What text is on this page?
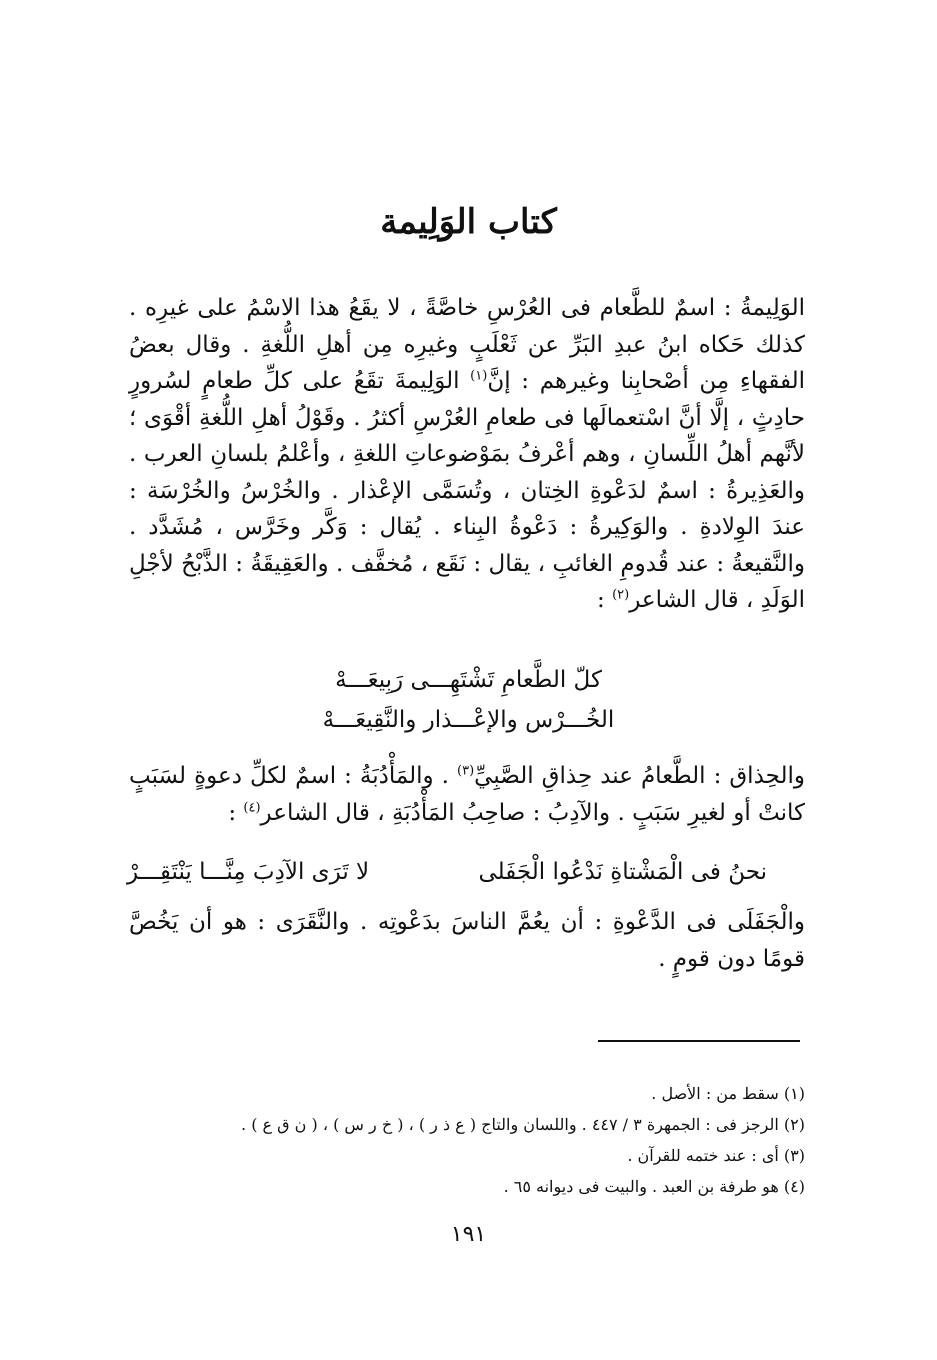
كتاب الوَلِيمة
الوَلِيمةُ : اسمٌ للطَّعام فى العُرْسِ خاصَّةً ، لا يقَعُ هذا الاسْمُ على غيرِه . كذلك حَكاه ابنُ عبدِ البَرِّ عن ثَعْلَبٍ وغيرِه مِن أهلِ اللُّغةِ . وقال بعضُ الفقهاءِ مِن أصْحابِنا وغيرهم : إنَّ$^{(١)}$ الوَلِيمةَ تقَعُ على كلِّ طعامٍ لسُرورٍ حادِثٍ ، إلَّا أنَّ اسْتعمالَها فى طعامِ العُرْسِ أكثرُ . وقَوْلُ أهلِ اللُّغةِ أقْوَى ؛ لأنَّهم أهلُ اللِّسانِ ، وهم أعْرفُ بمَوْضوعاتِ اللغةِ ، وأعْلمُ بلسانِ العرب . والعَذِيرةُ : اسمٌ لدَعْوةِ الخِتان ، وتُسَمَّى الإعْذار . والخُرْسُ والخُرْسَة : عندَ الوِلادةِ . والوَكِيرةُ : دَعْوةُ البِناء . يُقال : وَكَّر وخَرَّس ، مُشَدَّد . والنَّقيعةُ : عند قُدومِ الغائبِ ، يقال : نَقَع ، مُخفَّف . والعَقِيقَةُ : الذَّبْحُ لأجْلِ الوَلَدِ ، قال الشاعر$^{(٢)}$ :
كلّ الطَّعامِ تَشْتَهِـــى رَبِيعَـــهْ
الخُـــرْس والإعْـــذار والنَّقِيعَـــهْ
والحِذاق : الطَّعامُ عند حِذاقِ الصَّبِيِّ$^{(٣)}$ . والمَأْدُبَةُ : اسمٌ لكلِّ دعوةٍ لسَبَبٍ كانتْ أو لغيرِ سَبَبٍ . والآدِبُ : صاحِبُ المَأْدُبَةِ ، قال الشاعر$^{(٤)}$ :
نحنُ فى الْمَشْتاةِ نَدْعُوا الْجَفَلى
لا تَرَى الآدِبَ مِنَّـــا يَنْتَقِـــرْ
والْجَفَلَى فى الدَّعْوةِ : أن يعُمَّ الناسَ بدَعْوتِه . والنَّقَرَى : هو أن يَخُصَّ قومًا دون قومٍ .
(١) سقط من : الأصل .
(٢) الرجز فى : الجمهرة ٣ / ٤٤٧ . واللسان والتاج ( ع ذ ر ) ، ( خ ر س ) ، ( ن ق ع ) .
(٣) أى : عند ختمه للقرآن .
(٤) هو طرفة بن العبد . والبيت فى ديوانه ٦٥ .
١٩١
